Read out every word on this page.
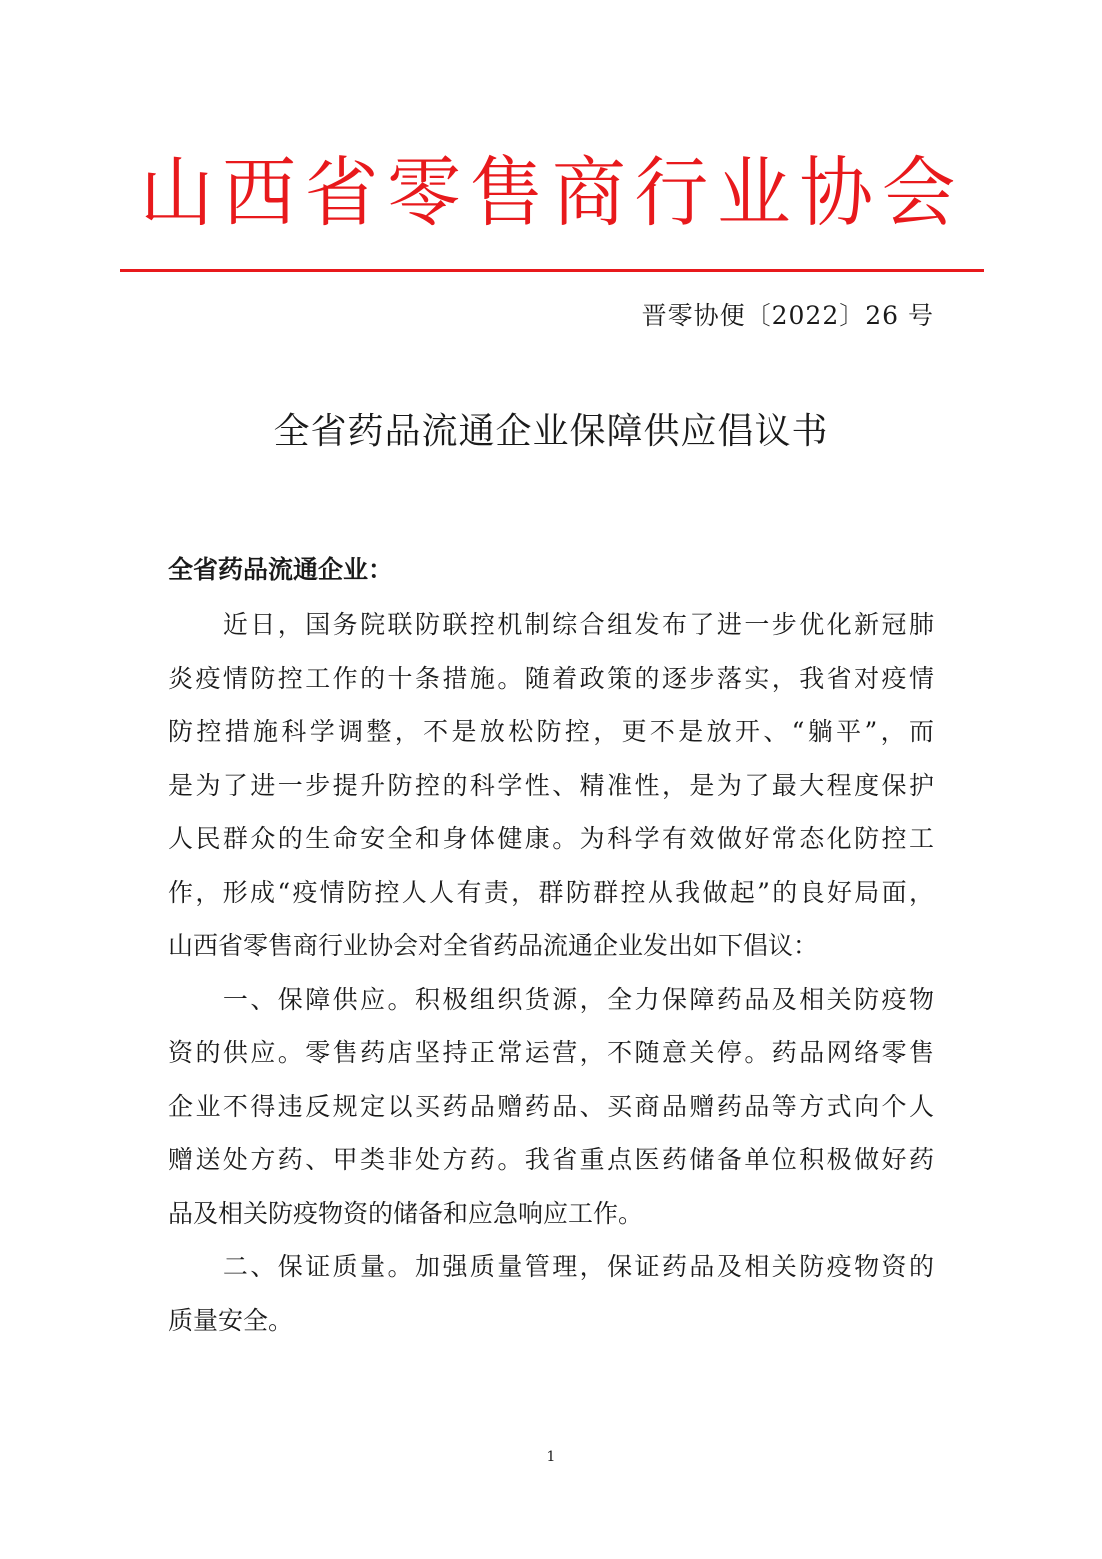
山西省零售商行业协会
晋零协便〔2022〕26 号
全省药品流通企业保障供应倡议书
全省药品流通企业：
　　近日，国务院联防联控机制综合组发布了进一步优化新冠肺
炎疫情防控工作的十条措施。随着政策的逐步落实，我省对疫情
防控措施科学调整，不是放松防控，更不是放开、“躺平”，而
是为了进一步提升防控的科学性、精准性，是为了最大程度保护
人民群众的生命安全和身体健康。为科学有效做好常态化防控工
作，形成“疫情防控人人有责，群防群控从我做起”的良好局面，
山西省零售商行业协会对全省药品流通企业发出如下倡议：
　　一、保障供应。积极组织货源，全力保障药品及相关防疫物
资的供应。零售药店坚持正常运营，不随意关停。药品网络零售
企业不得违反规定以买药品赠药品、买商品赠药品等方式向个人
赠送处方药、甲类非处方药。我省重点医药储备单位积极做好药
品及相关防疫物资的储备和应急响应工作。
　　二、保证质量。加强质量管理，保证药品及相关防疫物资的
质量安全。
1
